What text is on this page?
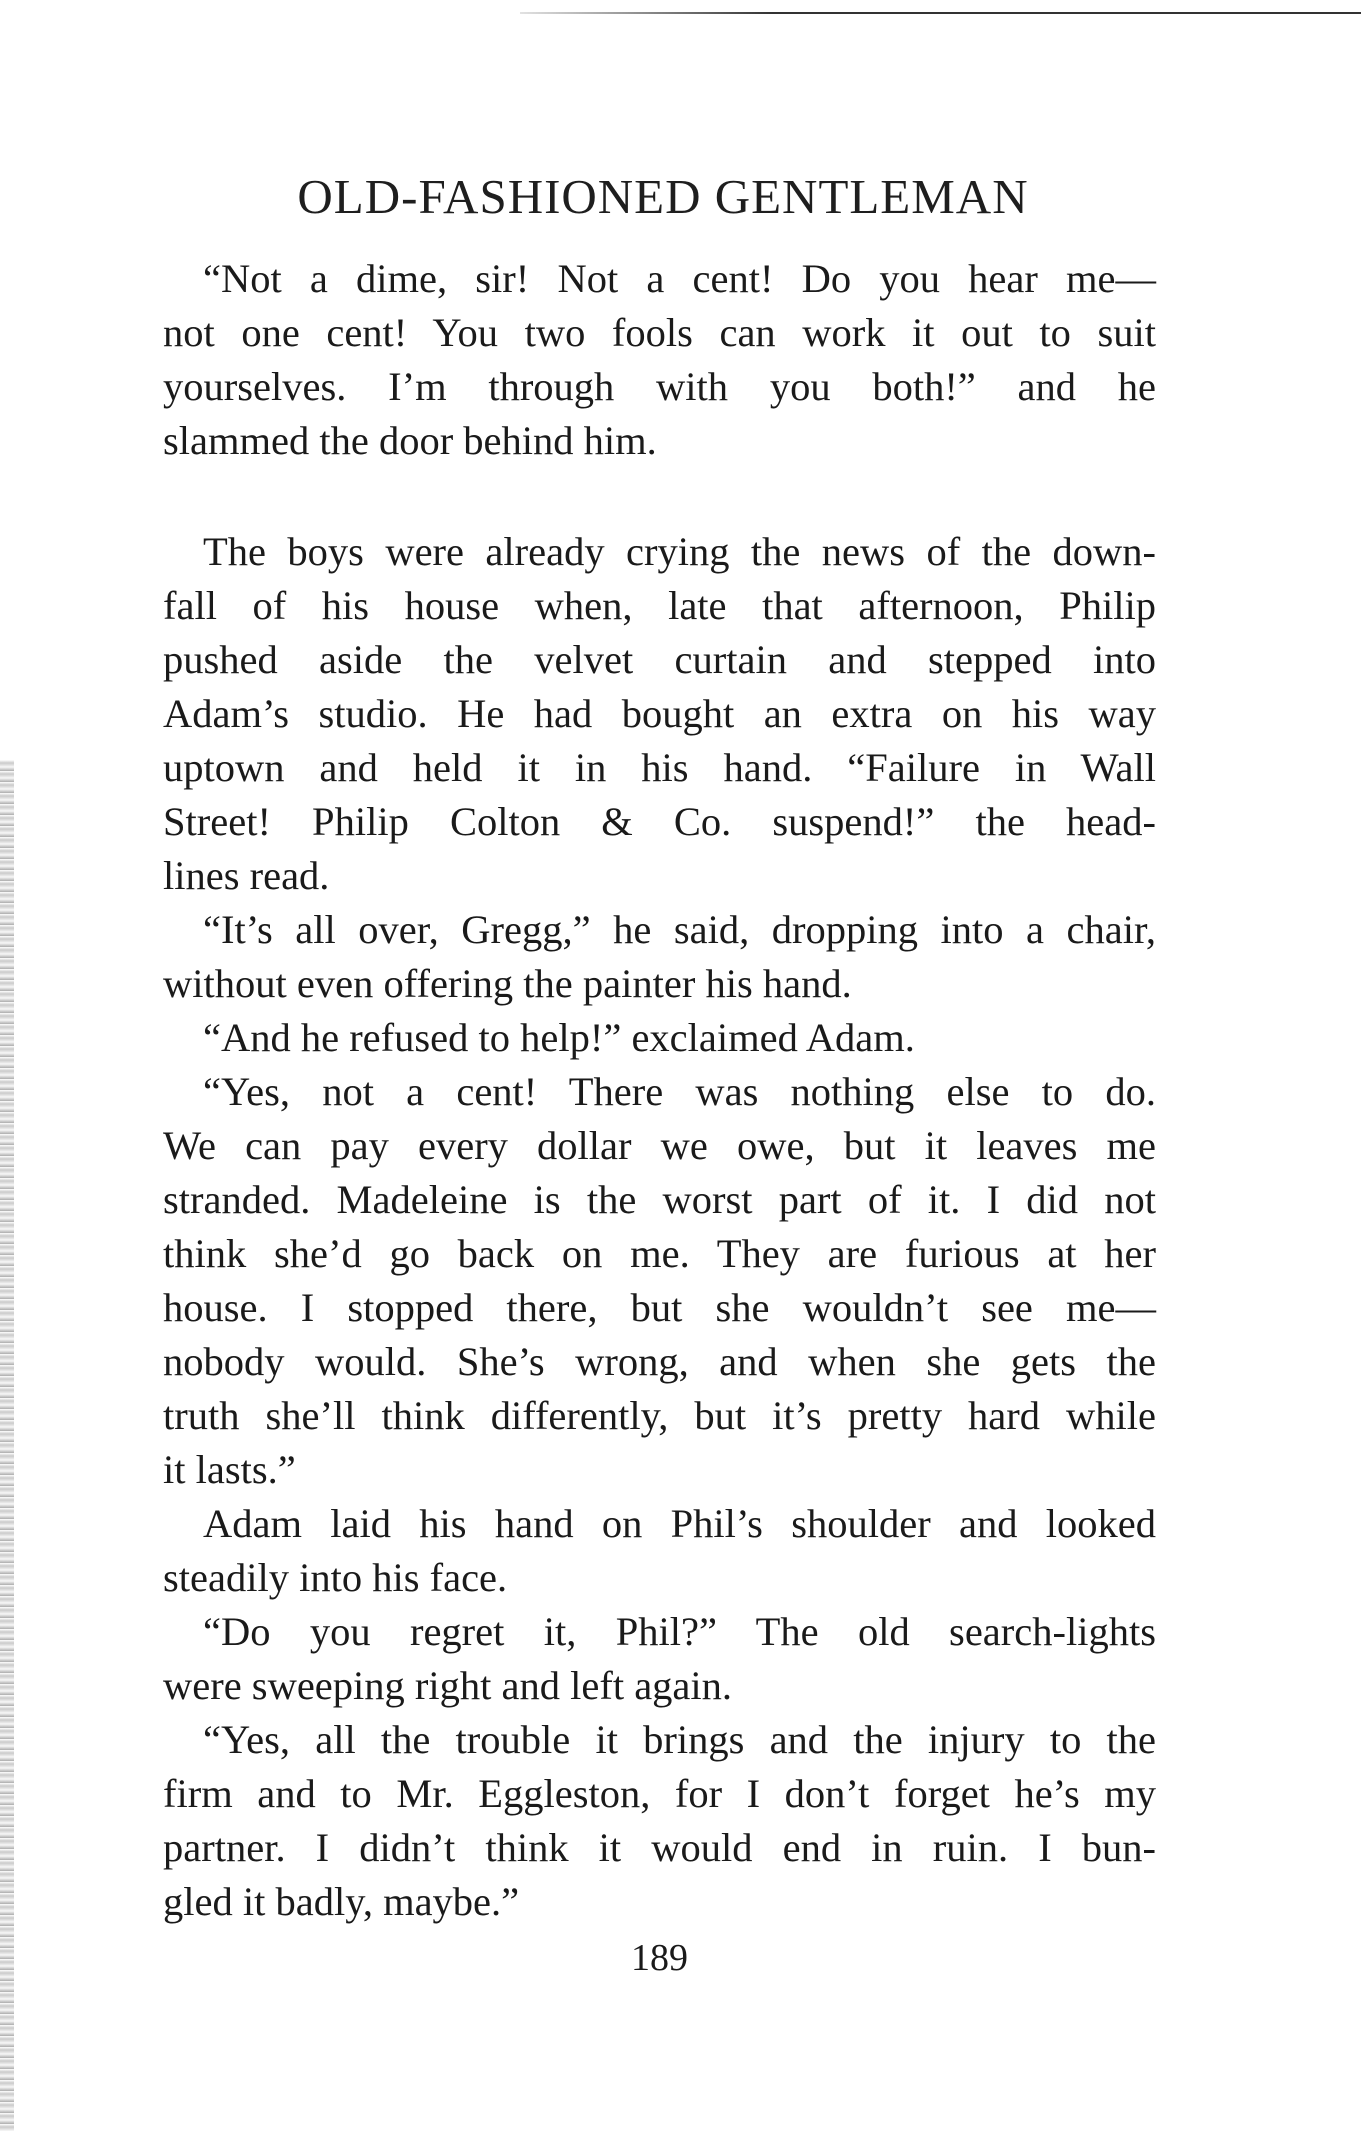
OLD-FASHIONED GENTLEMAN
“Not a dime, sir! Not a cent! Do you hear me—
not one cent! You two fools can work it out to suit
yourselves. I’m through with you both!” and he
slammed the door behind him.
The boys were already crying the news of the down-
fall of his house when, late that afternoon, Philip
pushed aside the velvet curtain and stepped into
Adam’s studio. He had bought an extra on his way
uptown and held it in his hand. “Failure in Wall
Street! Philip Colton & Co. suspend!” the head-
lines read.
“It’s all over, Gregg,” he said, dropping into a chair,
without even offering the painter his hand.
“And he refused to help!” exclaimed Adam.
“Yes, not a cent! There was nothing else to do.
We can pay every dollar we owe, but it leaves me
stranded. Madeleine is the worst part of it. I did not
think she’d go back on me. They are furious at her
house. I stopped there, but she wouldn’t see me—
nobody would. She’s wrong, and when she gets the
truth she’ll think differently, but it’s pretty hard while
it lasts.”
Adam laid his hand on Phil’s shoulder and looked
steadily into his face.
“Do you regret it, Phil?” The old search-lights
were sweeping right and left again.
“Yes, all the trouble it brings and the injury to the
firm and to Mr. Eggleston, for I don’t forget he’s my
partner. I didn’t think it would end in ruin. I bun-
gled it badly, maybe.”
189
